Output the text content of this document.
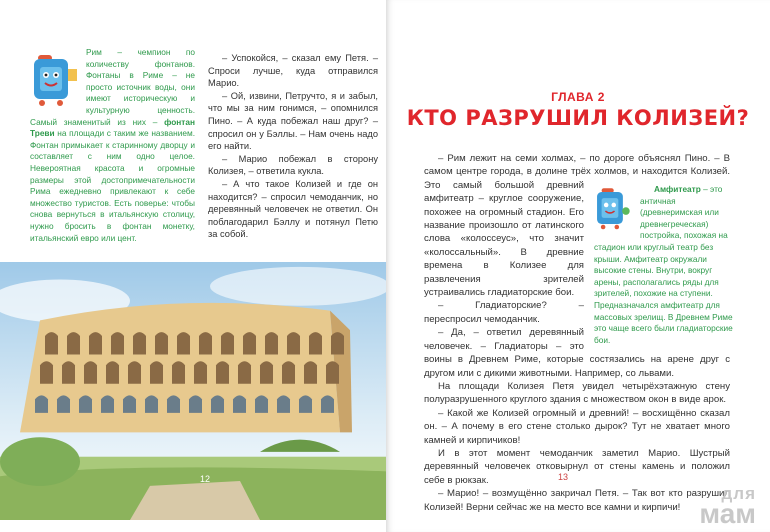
Рим – чемпион по количеству фонтанов. Фонтаны в Риме – не просто источник воды, они имеют историческую и культурную ценность. Самый знаменитый из них – фонтан Треви на площади с таким же названием. Фонтан примыкает к старинному дворцу и составляет с ним одно целое. Невероятная красота и огромные размеры этой достопримечательности Рима ежедневно привлекают к себе множество туристов. Есть поверье: чтобы снова вернуться в итальянскую столицу, нужно бросить в фонтан монетку, итальянский евро или цент.

– Успокойся, – сказал ему Петя. – Спроси лучше, куда отправился Марио.

– Ой, извини, Петручто, я и забыл, что мы за ним гонимся, – опомнился Пино. – А куда побежал наш друг? – спросил он у Бэллы. – Нам очень надо его найти.

– Марио побежал в сторону Колизея, – ответила кукла.

– А что такое Колизей и где он находится? – спросил чемоданчик, но деревянный человечек не ответил. Он поблагодарил Бэллу и потянул Петю за собой.

12
ГЛАВА 2
КТО РАЗРУШИЛ КОЛИЗЕЙ?

Амфитеатр – это античная (древнеримская или древнегреческая) постройка, похожая на стадион или круглый театр без крыши. Амфитеатр окружали высокие стены. Внутри, вокруг арены, располагались ряды для зрителей, похожие на ступени. Предназначался амфитеатр для массовых зрелищ. В Древнем Риме это чаще всего были гладиаторские бои.

– Рим лежит на семи холмах, – по дороге объяснял Пино. – В самом центре города, в долине трёх холмов, и находится Колизей. Это самый большой древний амфитеатр – круглое сооружение, похожее на огромный стадион. Его название произошло от латинского слова «колоссеус», что значит «колоссальный». В древние времена в Колизее для развлечения зрителей устраивались гладиаторские бои.

– Гладиаторские? – переспросил чемоданчик.

– Да, – ответил деревянный человечек. – Гладиаторы – это воины в Древнем Риме, которые состязались на арене друг с другом или с дикими животными. Например, со львами.

На площади Колизея Петя увидел четырёхэтажную стену полуразрушенного круглого здания с множеством окон в виде арок.

– Какой же Колизей огромный и древний! – восхищённо сказал он. – А почему в его стене столько дырок? Тут не хватает много камней и кирпичиков!

И в этот момент чемоданчик заметил Марио. Шустрый деревянный человечек отковырнул от стены камень и положил себе в рюкзак.

– Марио! – возмущённо закричал Петя. – Так вот кто разрушил Колизей! Верни сейчас же на место все камни и кирпичи!

13
для
мам
